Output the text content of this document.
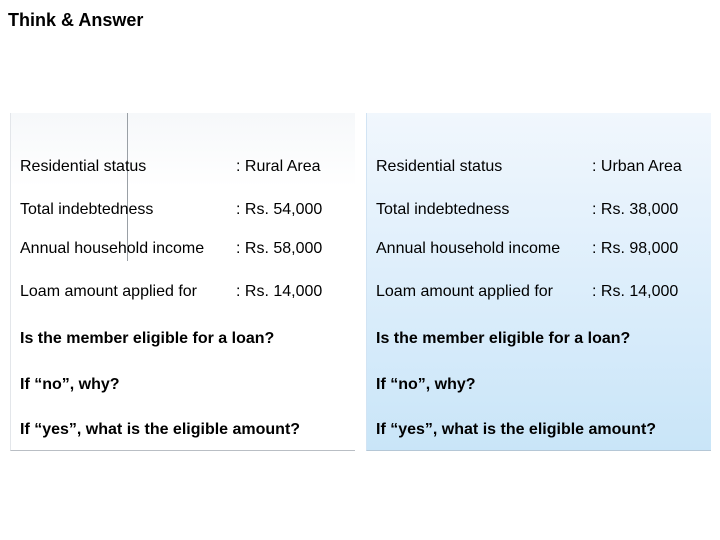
Think & Answer
Residential status	: Rural Area
Total indebtedness	: Rs. 54,000
Annual household income : Rs. 58,000
Loam amount applied for : Rs. 14,000
Is the member eligible for a loan?
If “no”, why?
If “yes”, what is the eligible amount?
Residential status	: Urban Area
Total indebtedness	: Rs. 38,000
Annual household income : Rs. 98,000
Loam amount applied for : Rs. 14,000
Is the member eligible for a loan?
If “no”, why?
If “yes”, what is the eligible amount?
